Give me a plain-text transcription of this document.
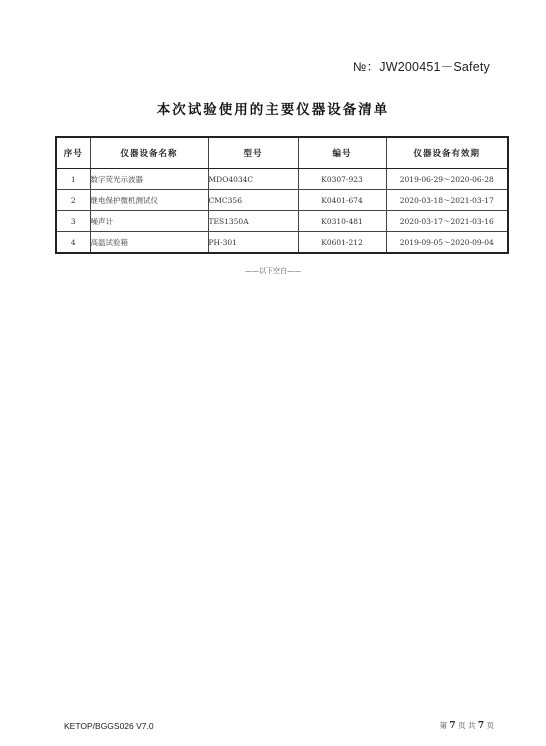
№：JW200451－Safety
本次试验使用的主要仪器设备清单
序号	仪器设备名称	型号	编号	仪器设备有效期
1	数字荧光示波器	MDO4034C	K0307-923	2019-06-29～2020-06-28
2	继电保护微机测试仪	CMC356	K0401-674	2020-03-18～2021-03-17
3	噪声计	TES1350A	K0310-481	2020-03-17～2021-03-16
4	高温试验箱	PH-301	K0601-212	2019-09-05～2020-09-04
——以下空白——
KETOP/BGGS026 V7.0	第 7 页 共 7 页
